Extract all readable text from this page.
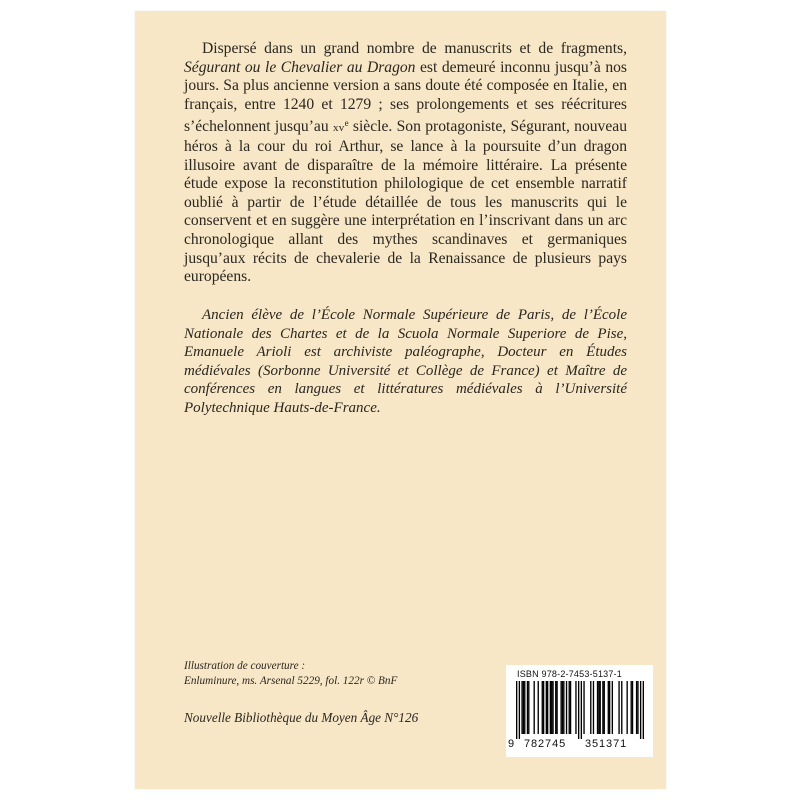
Dispersé dans un grand nombre de manuscrits et de fragments, Ségurant ou le Chevalier au Dragon est demeuré inconnu jusqu’à nos jours. Sa plus ancienne version a sans doute été composée en Italie, en français, entre 1240 et 1279 ; ses prolongements et ses réécritures s’échelonnent jusqu’au $xv^e$ siècle. Son protagoniste, Ségurant, nouveau héros à la cour du roi Arthur, se lance à la poursuite d’un dragon illusoire avant de disparaître de la mémoire littéraire. La présente étude expose la reconstitution philologique de cet ensemble narratif oublié à partir de l’étude détaillée de tous les manuscrits qui le conservent et en suggère une interprétation en l’inscrivant dans un arc chronologique allant des mythes scandinaves et germaniques jusqu’aux récits de chevalerie de la Renaissance de plusieurs pays européens.

Ancien élève de l’École Normale Supérieure de Paris, de l’École Nationale des Chartes et de la Scuola Normale Superiore de Pise, Emanuele Arioli est archiviste paléographe, Docteur en Études médiévales (Sorbonne Université et Collège de France) et Maître de conférences en langues et littératures médiévales à l’Université Polytechnique Hauts-de-France.

Illustration de couverture :
Enluminure, ms. Arsenal 5229, fol. 122r © BnF
Nouvelle Bibliothèque du Moyen Âge N°126
ISBN 978-2-7453-5137-1
9 782745 351371
